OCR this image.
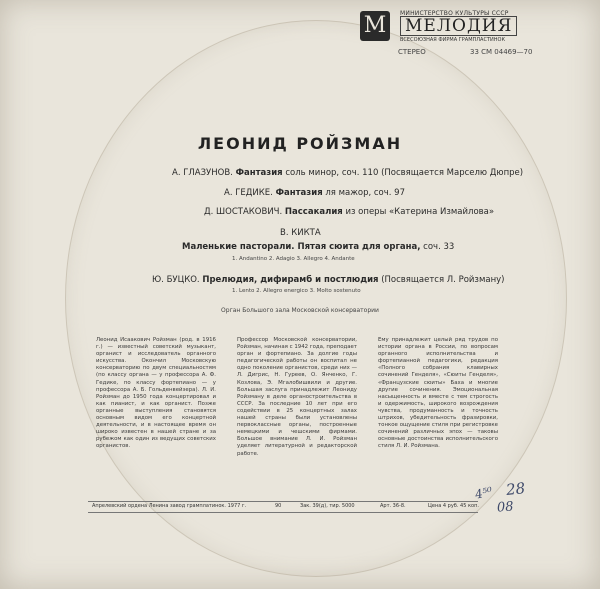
М	МИНИСТЕРСТВО КУЛЬТУРЫ СССР
МЕЛОДИЯ
ВСЕСОЮЗНАЯ ФИРМА ГРАМПЛАСТИНОК
СТЕРЕО	33 СМ 04469—70
ЛЕОНИД РОЙЗМАН
А. ГЛАЗУНОВ. Фантазия соль минор, соч. 110 (Посвящается Марселю Дюпре)
А. ГЕДИКЕ. Фантазия ля мажор, соч. 97
Д. ШОСТАКОВИЧ. Пассакалия из оперы «Катерина Измайлова»
В. КИКТА
Маленькие пасторали. Пятая сюита для органа, соч. 33
1. Andantino 2. Adagio 3. Allegro 4. Andante
Ю. БУЦКО. Прелюдия, дифирамб и постлюдия (Посвящается Л. Ройзману)
1. Lento 2. Allegro energico 3. Molto sostenuto
Орган Большого зала Московской консерватории
Леонид Исаакович Ройзман (род. в 1916 г.) — известный советский музыкант, органист и исследователь органного искусства. Окончил Московскую консерваторию по двум специальностям (по классу органа — у профессора А. Ф. Гедике, по классу фортепиано — у профессора А. Б. Гольденвейзера). Л. И. Ройзман до 1950 года концертировал и как пианист, и как органист. Позже органные выступления становятся основным видом его концертной деятельности, и в настоящее время он широко известен в нашей стране и за рубежом как один из ведущих советских органистов.
Профессор Московской консерватории, Ройзман, начиная с 1942 года, преподает орган и фортепиано. За долгие годы педагогической работы он воспитал не одно поколение органистов, среди них — Л. Дигрис, Н. Гуреев, О. Янченко, Г. Козлова, Э. Мгалобишвили и другие. Большая заслуга принадлежит Леониду Ройзману в деле органостроительства в СССР. За последние 10 лет при его содействии в 25 концертных залах нашей страны были установлены первоклассные органы, построенные немецкими и чешскими фирмами. Большое внимание Л. И. Ройзман уделяет литературной и редакторской работе.
Ему принадлежит целый ряд трудов по истории органа в России, по вопросам органного исполнительства и фортепианной педагогики, редакция «Полного собрания клавирных сочинений Генделя», «Сюиты Генделя», «Французские сюиты» Баха и многие другие сочинения. Эмоциональная насыщенность и вместе с тем строгость и одержимость, широкого возрождения чувства, продуманность и точность штрихов, убедительность фразировки, тонкое ощущение стиля при регистровке сочинений различных эпох — таковы основные достоинства исполнительского стиля Л. И. Ройзмана.
Апрелевский ордена Ленина завод грамплатинок. 1977 г.	90	Зак. 39(д), тир. 5000	Арт. 36-8.	Цена 4 руб. 45 коп.
4⁵⁰ 28
08
